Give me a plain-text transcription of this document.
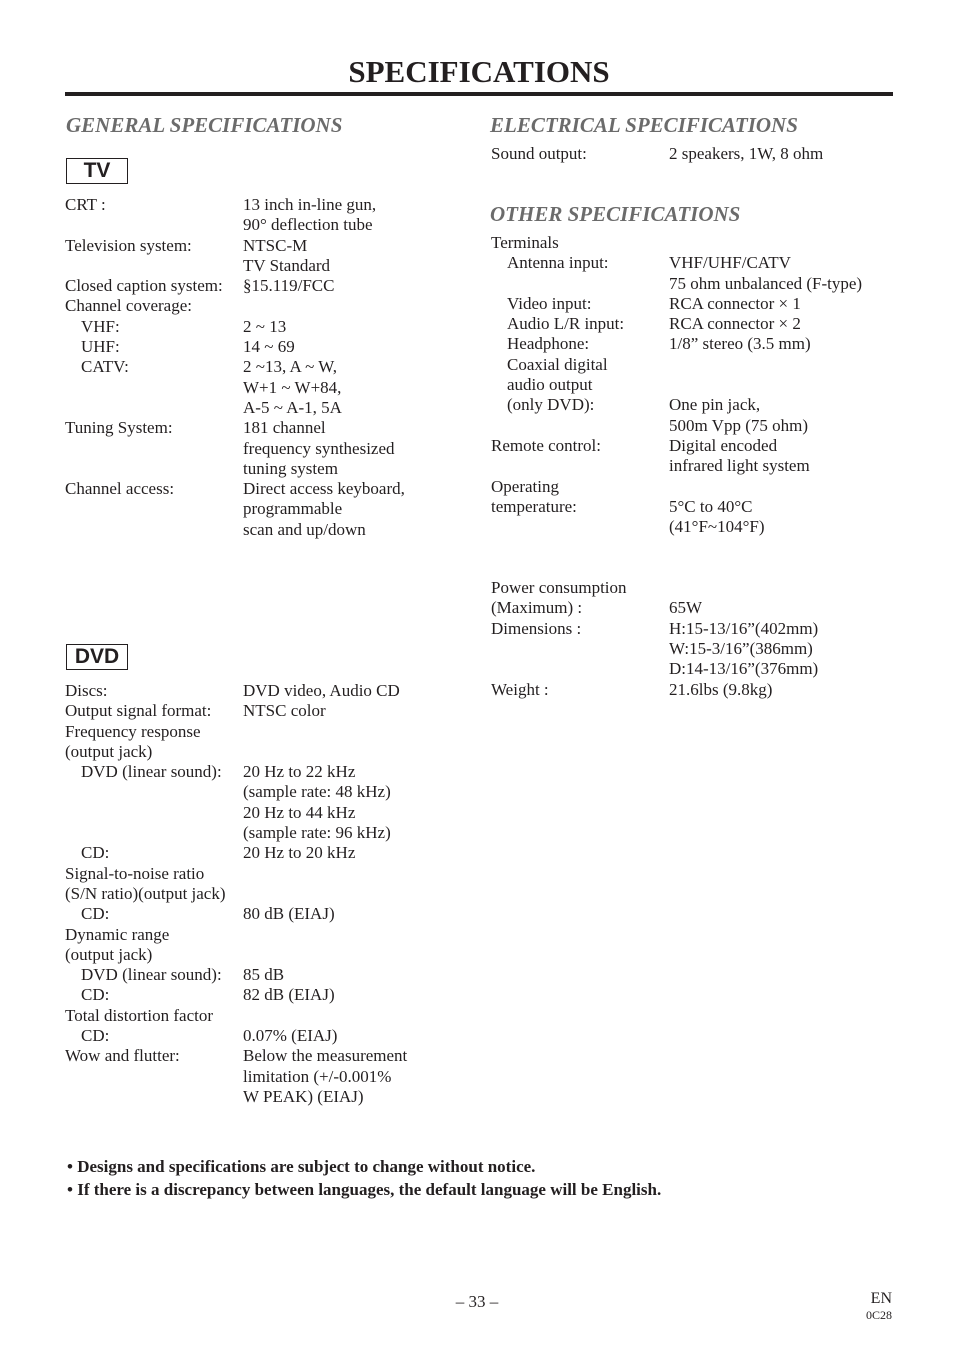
SPECIFICATIONS
GENERAL SPECIFICATIONS
TV
CRT :	13 inch in-line gun,
90° deflection tube
Television system:	NTSC-M
TV Standard
Closed caption system:	§15.119/FCC
Channel coverage:
VHF:	2 ~ 13
UHF:	14 ~ 69
CATV:	2 ~13, A ~ W,
W+1 ~ W+84,
A-5 ~ A-1, 5A
Tuning System:	181 channel
frequency synthesized
tuning system
Channel access:	Direct access keyboard,
programmable
scan and up/down
DVD
Discs:	DVD video, Audio CD
Output signal format:	NTSC color
Frequency response
(output jack)
DVD (linear sound):	20 Hz to 22 kHz
(sample rate: 48 kHz)
20 Hz to 44 kHz
(sample rate: 96 kHz)
CD:	20 Hz to 20 kHz
Signal-to-noise ratio
(S/N ratio)(output jack)
CD:	80 dB (EIAJ)
Dynamic range
(output jack)
DVD (linear sound):	85 dB
CD:	82 dB (EIAJ)
Total distortion factor
CD:	0.07% (EIAJ)
Wow and flutter:	Below the measurement
limitation (+/-0.001%
W PEAK) (EIAJ)
ELECTRICAL SPECIFICATIONS
Sound output:	2 speakers, 1W, 8 ohm
OTHER SPECIFICATIONS
Terminals
Antenna input:	VHF/UHF/CATV
75 ohm unbalanced (F-type)
Video input:	RCA connector × 1
Audio L/R input:	RCA connector × 2
Headphone:	1/8” stereo (3.5 mm)
Coaxial digital
audio output
(only DVD):	One pin jack,
500m Vpp (75 ohm)
Remote control:	Digital encoded
infrared light system
Operating
temperature:	5°C to 40°C
(41°F~104°F)
Power consumption
(Maximum) :	65W
Dimensions :	H:15-13/16”(402mm)
W:15-3/16”(386mm)
D:14-13/16”(376mm)
Weight :	21.6lbs (9.8kg)
• Designs and specifications are subject to change without notice.
• If there is a discrepancy between languages, the default language will be English.
– 33 –	EN
0C28
